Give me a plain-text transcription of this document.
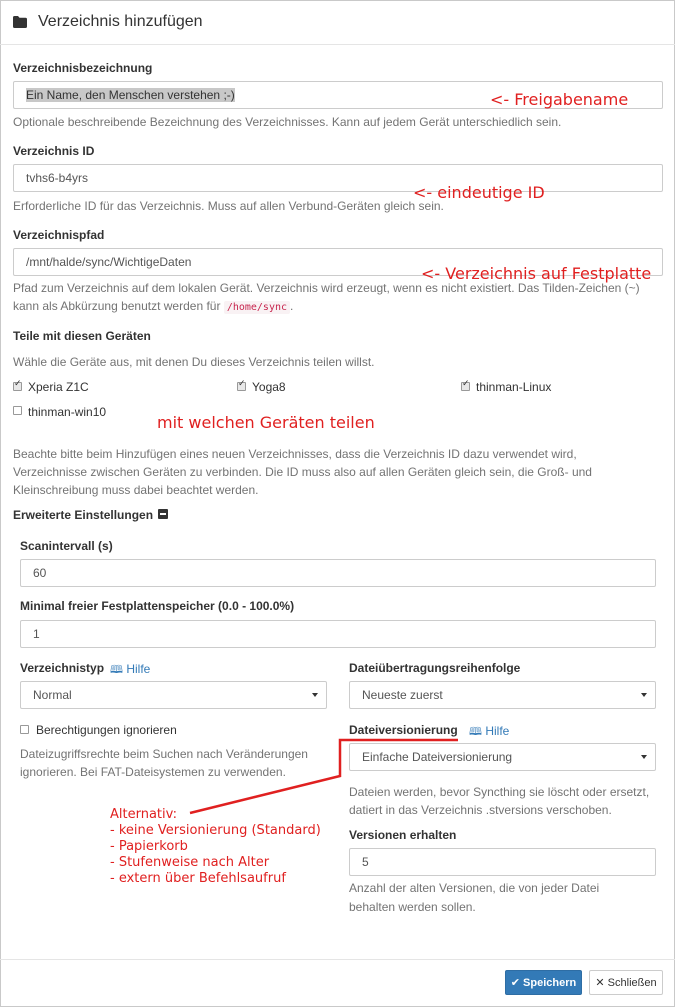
Verzeichnis hinzufügen
Verzeichnisbezeichnung
Ein Name, den Menschen verstehen ;-)
Optionale beschreibende Bezeichnung des Verzeichnisses. Kann auf jedem Gerät unterschiedlich sein.
Verzeichnis ID
tvhs6-b4yrs
Erforderliche ID für das Verzeichnis. Muss auf allen Verbund-Geräten gleich sein.
Verzeichnispfad
/mnt/halde/sync/WichtigeDaten
Pfad zum Verzeichnis auf dem lokalen Gerät. Verzeichnis wird erzeugt, wenn es nicht existiert. Das Tilden-Zeichen (~)
kann als Abkürzung benutzt werden für /home/sync .
Teile mit diesen Geräten
Wähle die Geräte aus, mit denen Du dieses Verzeichnis teilen willst.
✓
Xperia Z1C ✓	Yoga8 ✓	thinman-Linux
thinman-win10
Beachte bitte beim Hinzufügen eines neuen Verzeichnisses, dass die Verzeichnis ID dazu verwendet wird,
Verzeichnisse zwischen Geräten zu verbinden. Die ID muss also auf allen Geräten gleich sein, die Groß- und
Kleinschreibung muss dabei beachtet werden.
Erweiterte Einstellungen
Scanintervall (s)
60
Minimal freier Festplattenspeicher (0.0 - 100.0%)
1
Verzeichnistyp 🕮 Hilfe
Normal
Dateiübertragungsreihenfolge
Neueste zuerst
Berechtigungen ignorieren
Dateizugriffsrechte beim Suchen nach Veränderungen
ignorieren. Bei FAT-Dateisystemen zu verwenden.
Dateiversionierung 🕮 Hilfe
Einfache Dateiversionierung
Dateien werden, bevor Syncthing sie löscht oder ersetzt,
datiert in das Verzeichnis .stversions verschoben.
Versionen erhalten
5
Anzahl der alten Versionen, die von jeder Datei
behalten werden sollen.
<- Freigabename
<- eindeutige ID
<- Verzeichnis auf Festplatte
mit welchen Geräten teilen
Alternativ:
- keine Versionierung (Standard)
- Papierkorb
- Stufenweise nach Alter
- extern über Befehlsaufruf
✔ Speichern	✕ Schließen
